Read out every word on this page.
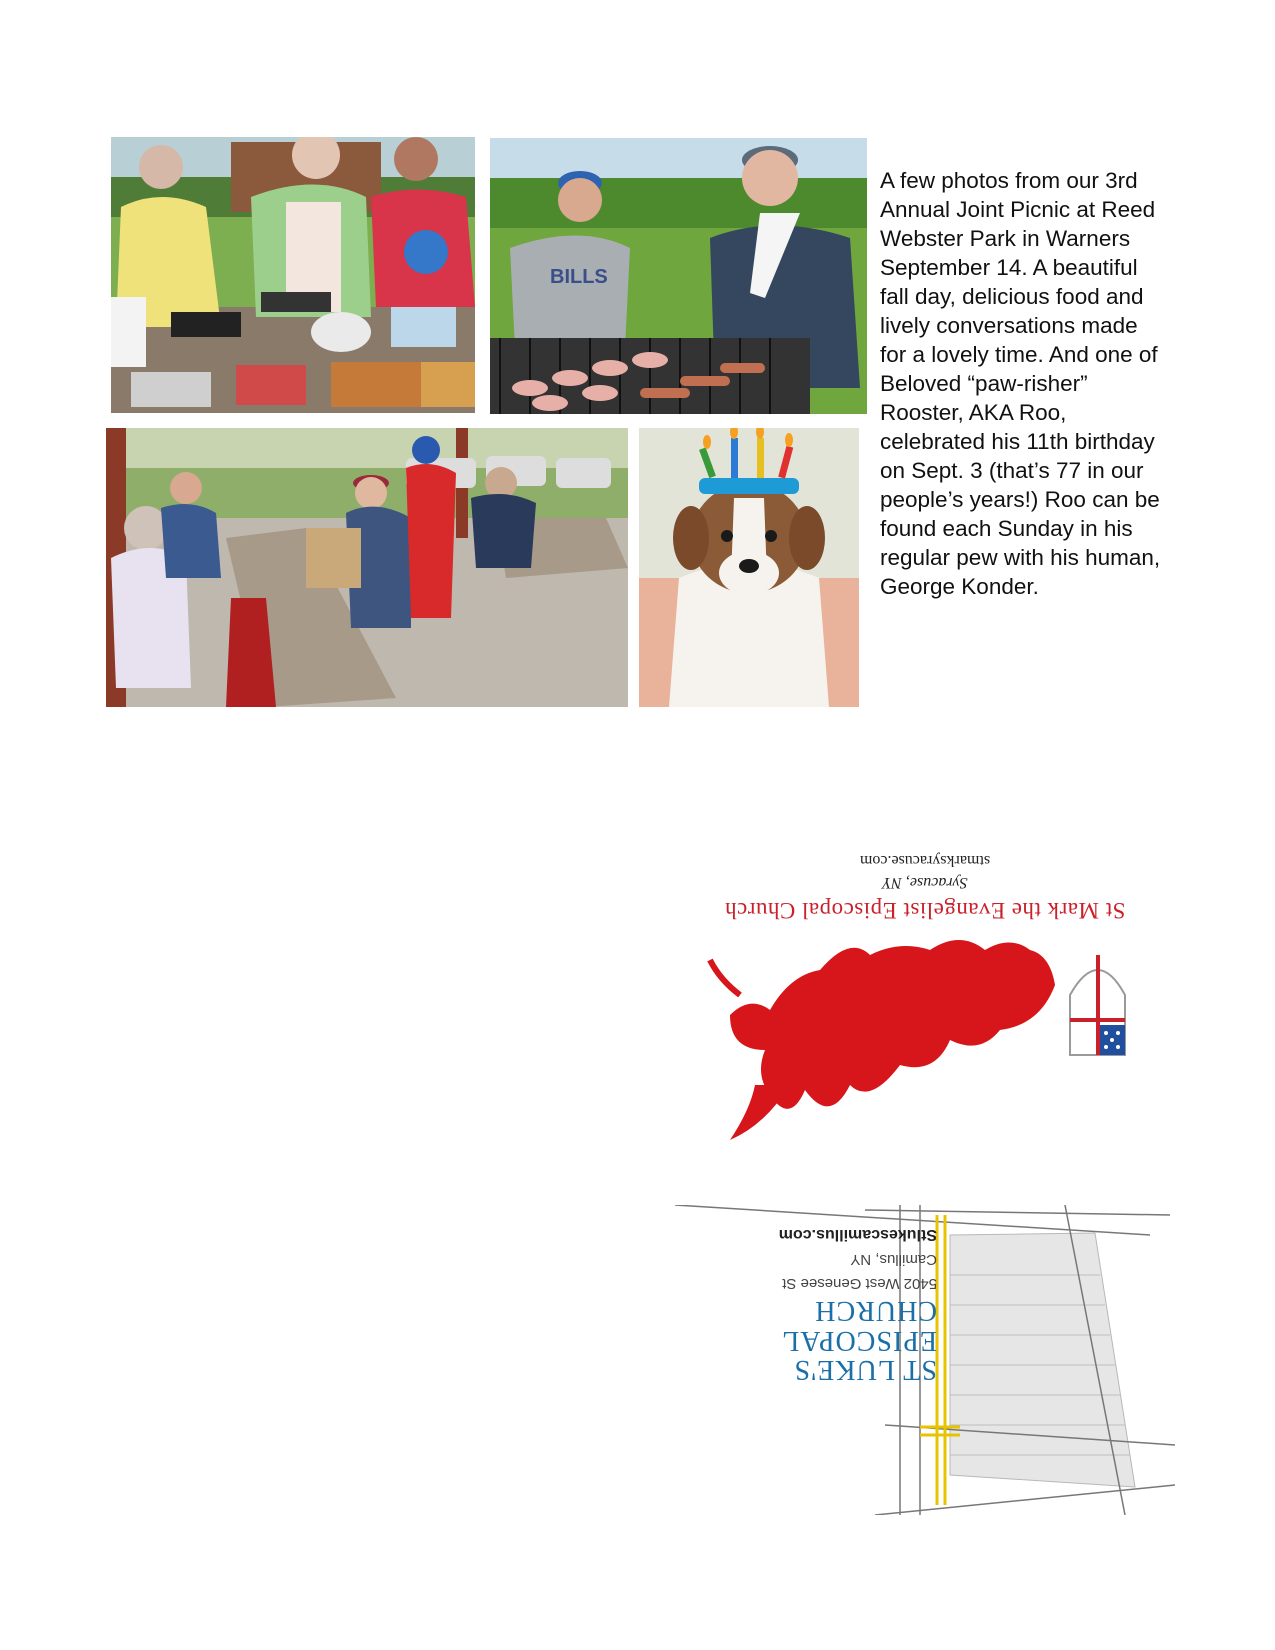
BILLS
A few photos from our 3rd Annual Joint Picnic at Reed Webster Park in Warners September 14. A beautiful fall day, delicious food and lively conversations made for a lovely time. And one of Beloved “paw-risher” Rooster, AKA Roo, celebrated his 11th birthday on Sept. 3 (that’s 77 in our people’s years!) Roo can be found each Sunday in his regular pew with his human, George Konder.
St Mark the Evangelist Episcopal Church
Syracuse, NY
stmarksyracuse.com
ST LUKE'S
EPISCOPAL CHURCH
5402 West Genesee St
Camillus, NY
Stlukescamillus.com
